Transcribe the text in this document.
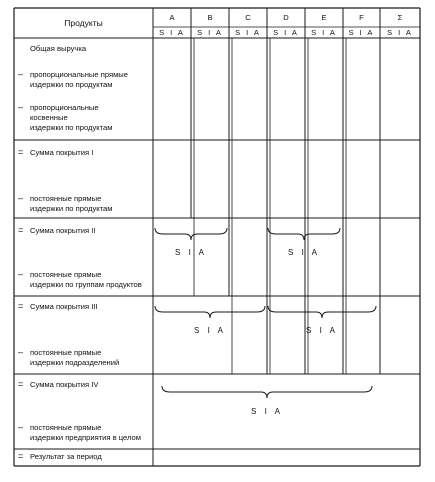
Продукты
A
S I A
B
S I A
C
S I A
D
S I A
E
S I A
F
S I A
Σ
S I A
Общая выручка
– пропорциональные прямые
издержки по продуктам
– пропорциональные
косвенные
издержки по продуктам
= Сумма покрытия I
– постоянные прямые
издержки по продуктам
= Сумма покрытия II
– постоянные прямые
издержки по группам продуктов
= Сумма покрытия III
– постоянные прямые
издержки подразделений
= Сумма покрытия IV
– постоянные прямые
издержки предприятия в целом
= Результат за период
S I A	S I A
S I A	S I A
S I A
